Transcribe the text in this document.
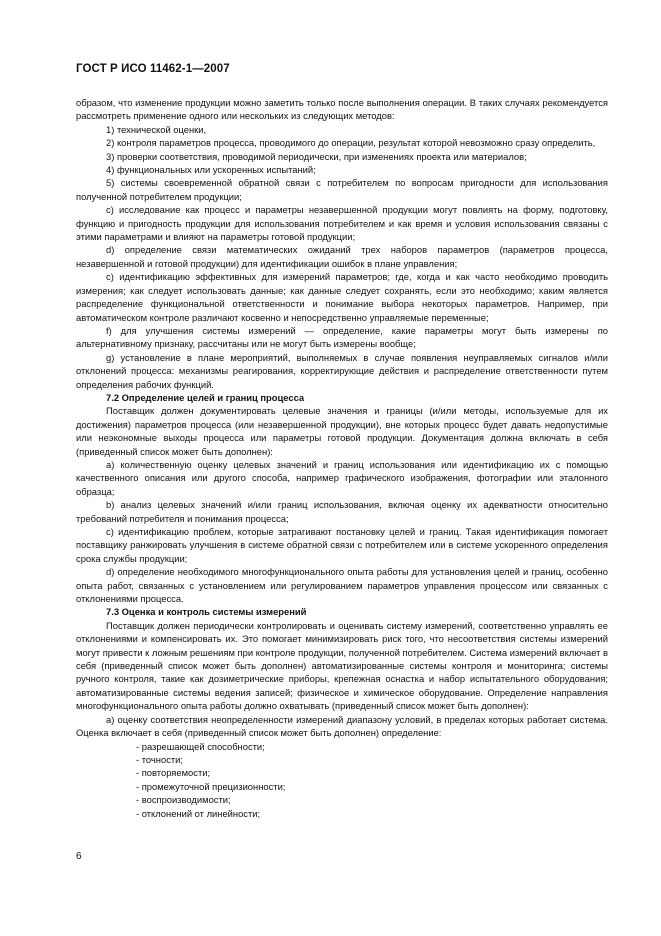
ГОСТ Р ИСО 11462-1—2007

образом, что изменение продукции можно заметить только после выполнения операции. В таких случаях рекомендуется рассмотреть применение одного или нескольких из следующих методов:

1) технической оценки,

2) контроля параметров процесса, проводимого до операции, результат которой невозможно сразу определить,

3) проверки соответствия, проводимой периодически, при изменениях проекта или материалов;

4) функциональных или ускоренных испытаний;

5) системы своевременной обратной связи с потребителем по вопросам пригодности для использования полученной потребителем продукции;

c) исследование как процесс и параметры незавершенной продукции могут повлиять на форму, подготовку, функцию и пригодность продукции для использования потребителем и как время и условия использования связаны с этими параметрами и влияют на параметры готовой продукции;

d) определение связи математических ожиданий трех наборов параметров (параметров процесса, незавершенной и готовой продукции) для идентификации ошибок в плане управления;

c) идентификацию эффективных для измерений параметров; где, когда и как часто необходимо проводить измерения; как следует использовать данные; как данные следует сохранять, если это необходимо; каким является распределение функциональной ответственности и понимание выбора некоторых параметров. Например, при автоматическом контроле различают косвенно и непосредственно управляемые переменные;

f) для улучшения системы измерений — определение, какие параметры могут быть измерены по альтернативному признаку, рассчитаны или не могут быть измерены вообще;

g) установление в плане мероприятий, выполняемых в случае появления неуправляемых сигналов и/или отклонений процесса: механизмы реагирования, корректирующие действия и распределение ответственности путем определения рабочих функций.

7.2 Определение целей и границ процесса

Поставщик должен документировать целевые значения и границы (и/или методы, используемые для их достижения) параметров процесса (или незавершенной продукции), вне которых процесс будет давать недопустимые или неэкономные выходы процесса или параметры готовой продукции. Документация должна включать в себя (приведенный список может быть дополнен):

a) количественную оценку целевых значений и границ использования или идентификацию их с помощью качественного описания или другого способа, например графического изображения, фотографии или эталонного образца;

b) анализ целевых значений и/или границ использования, включая оценку их адекватности относительно требований потребителя и понимания процесса;

c) идентификацию проблем, которые затрагивают постановку целей и границ. Такая идентификация помогает поставщику ранжировать улучшения в системе обратной связи с потребителем или в системе ускоренного определения срока службы продукции;

d) определение необходимого многофункционального опыта работы для установления целей и границ, особенно опыта работ, связанных с установлением или регулированием параметров управления процессом или связанных с отклонениями процесса.

7.3 Оценка и контроль системы измерений

Поставщик должен периодически контролировать и оценивать систему измерений, соответственно управлять ее отклонениями и компенсировать их. Это помогает минимизировать риск того, что несоответствия системы измерений могут привести к ложным решениям при контроле продукции, полученной потребителем. Система измерений включает в себя (приведенный список может быть дополнен) автоматизированные системы контроля и мониторинга; системы ручного контроля, такие как дозиметрические приборы, крепежная оснастка и набор испытательного оборудования; автоматизированные системы ведения записей; физическое и химическое оборудование. Определение направления многофункционального опыта работы должно охватывать (приведенный список может быть дополнен):

a) оценку соответствия неопределенности измерений диапазону условий, в пределах которых работает система. Оценка включает в себя (приведенный список может быть дополнен) определение:

- разрешающей способности;

- точности;

- повторяемости;

- промежуточной прецизионности;

- воспроизводимости;

- отклонений от линейности;

6
